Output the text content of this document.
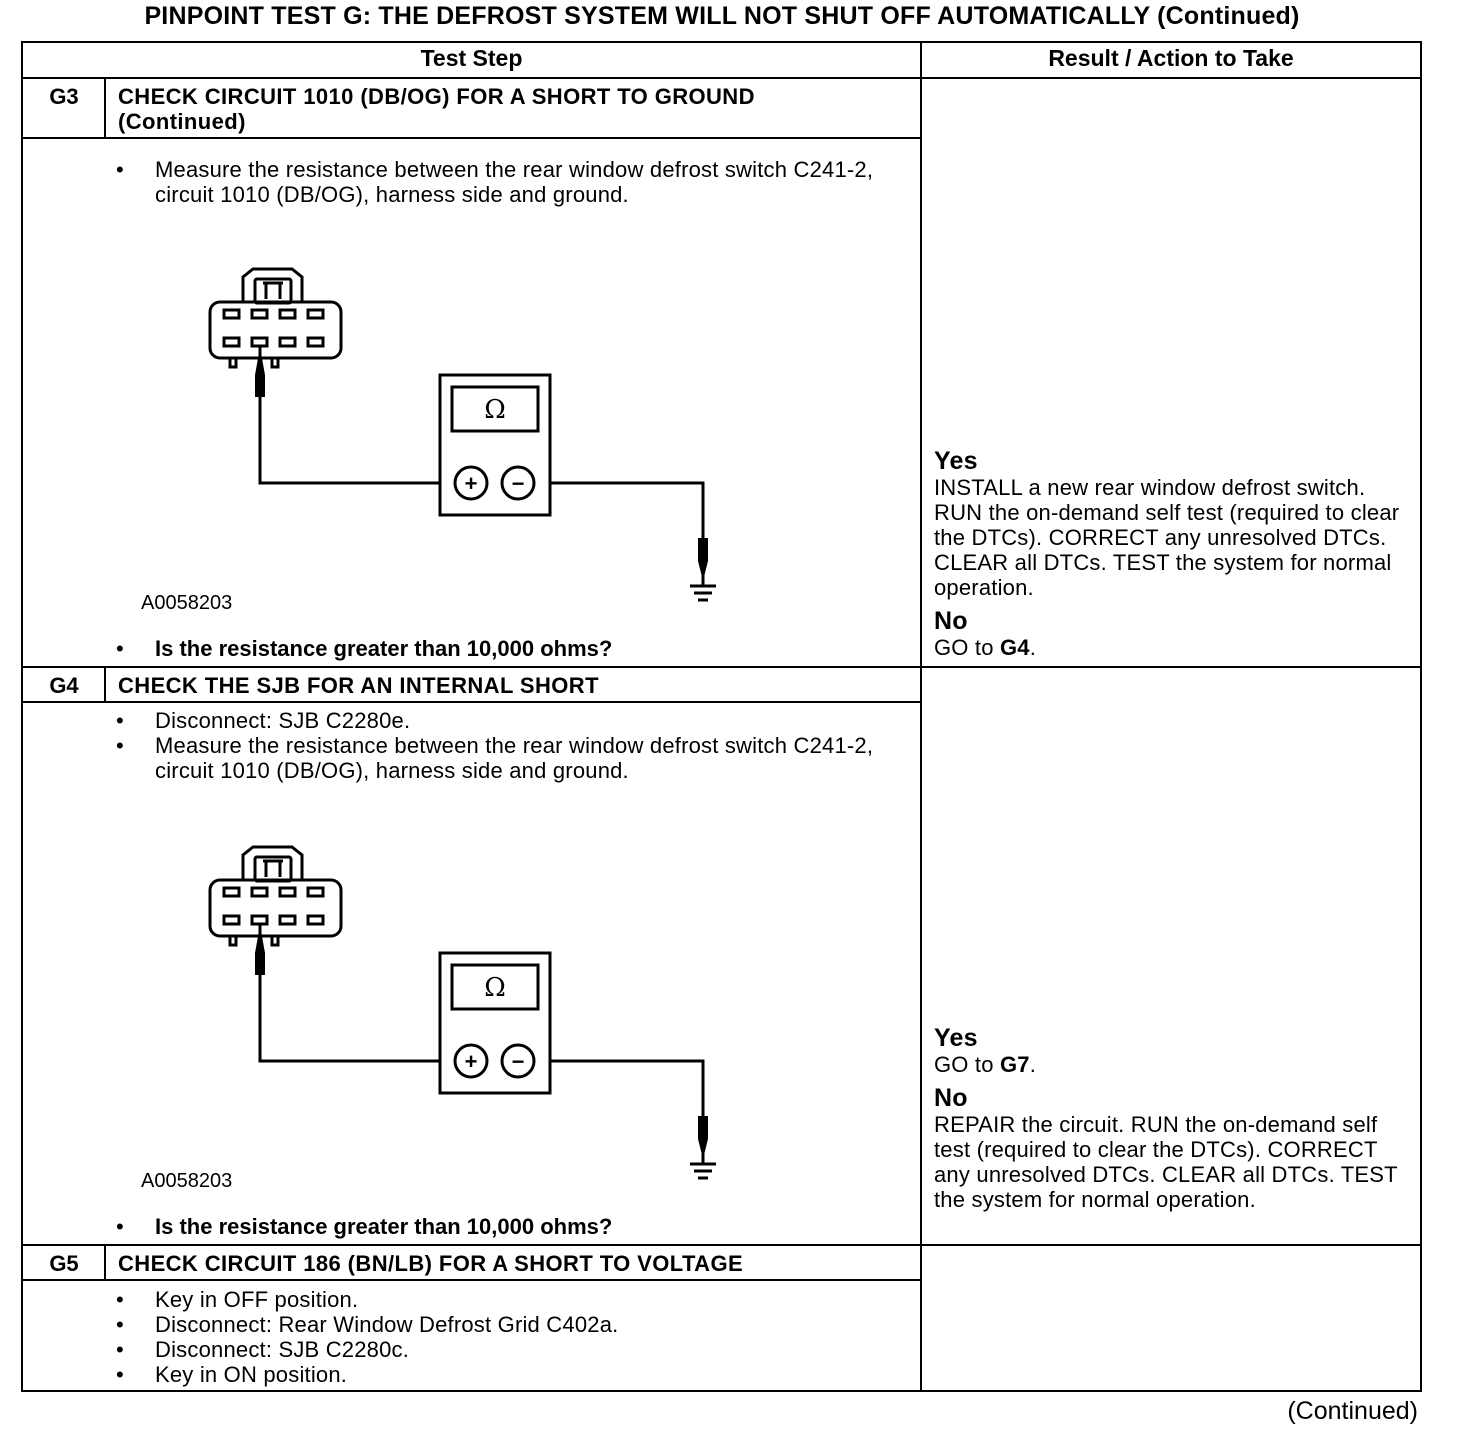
PINPOINT TEST G: THE DEFROST SYSTEM WILL NOT SHUT OFF AUTOMATICALLY (Continued)
Test Step	Result / Action to Take
G3	CHECK CIRCUIT 1010 (DB/OG) FOR A SHORT TO GROUND
(Continued)
• Measure the resistance between the rear window defrost switch C241-2, circuit 1010 (DB/OG), harness side and ground.
Ω
+ −
A0058203
• Is the resistance greater than 10,000 ohms?
Yes

INSTALL a new rear window defrost switch. RUN the on-demand self test (required to clear the DTCs). CORRECT any unresolved DTCs. CLEAR all DTCs. TEST the system for normal operation.

No

GO to G4.

G4	CHECK THE SJB FOR AN INTERNAL SHORT
• Disconnect: SJB C2280e.
• Measure the resistance between the rear window defrost switch C241-2, circuit 1010 (DB/OG), harness side and ground.
Ω
+ −
A0058203
• Is the resistance greater than 10,000 ohms?
Yes

GO to G7.

No

REPAIR the circuit. RUN the on-demand self test (required to clear the DTCs). CORRECT any unresolved DTCs. CLEAR all DTCs. TEST the system for normal operation.

G5	CHECK CIRCUIT 186 (BN/LB) FOR A SHORT TO VOLTAGE
• Key in OFF position.
• Disconnect: Rear Window Defrost Grid C402a.
• Disconnect: SJB C2280c.
• Key in ON position.
(Continued)
